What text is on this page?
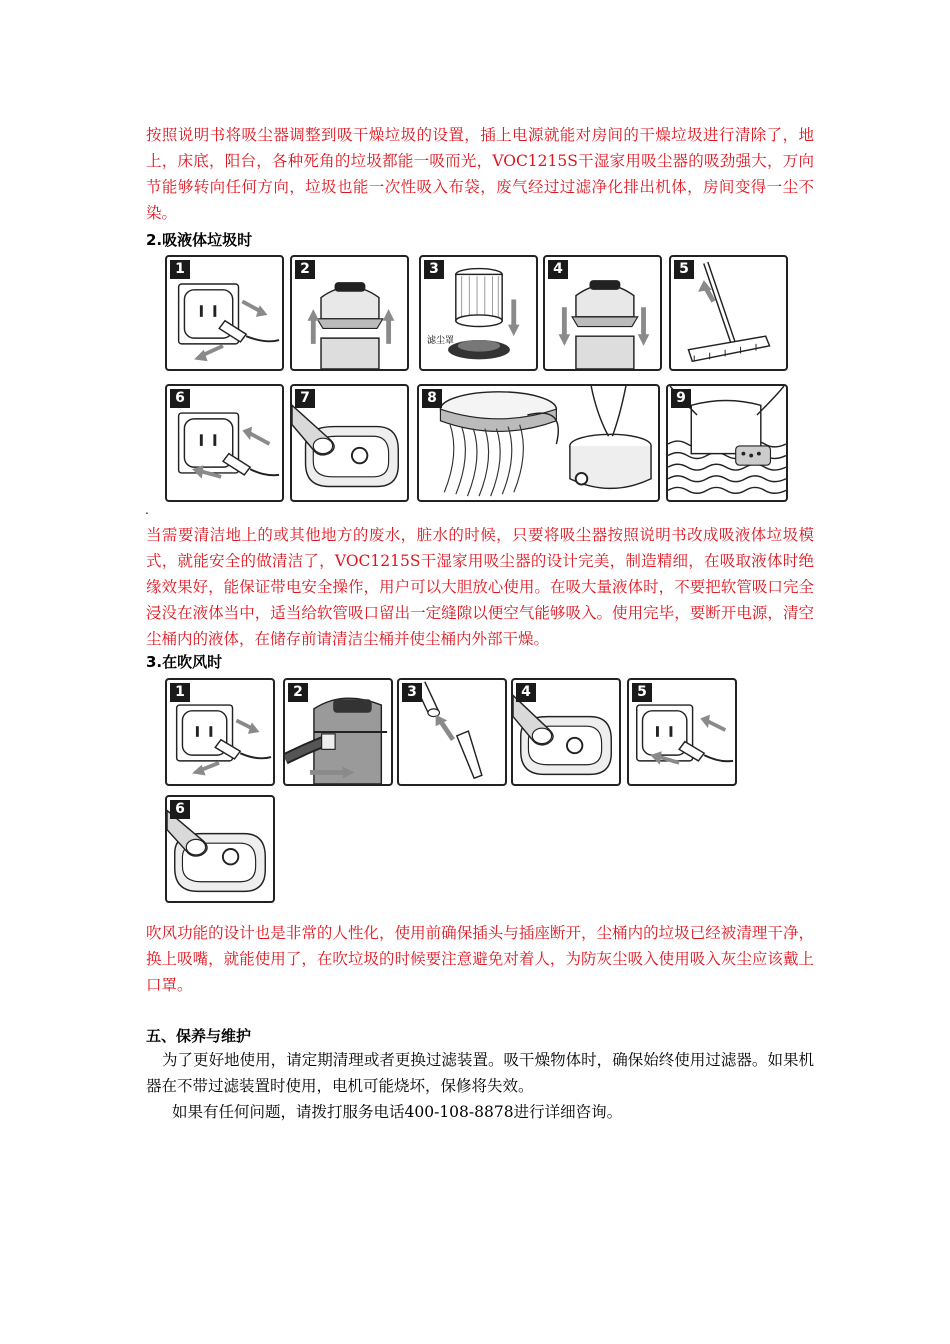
按照说明书将吸尘器调整到吸干燥垃圾的设置，插上电源就能对房间的干燥垃圾进行清除了，地上，床底，阳台，各种死角的垃圾都能一吸而光，VOC1215S干湿家用吸尘器的吸劲强大，万向节能够转向任何方向，垃圾也能一次性吸入布袋，废气经过过滤净化排出机体，房间变得一尘不染。

2.吸液体垃圾时

1	2	3
滤尘罩
4	5
6	7	8	9
.

当需要清洁地上的或其他地方的废水，脏水的时候，只要将吸尘器按照说明书改成吸液体垃圾模式，就能安全的做清洁了，VOC1215S干湿家用吸尘器的设计完美，制造精细，在吸取液体时绝缘效果好，能保证带电安全操作，用户可以大胆放心使用。在吸大量液体时，不要把软管吸口完全浸没在液体当中，适当给软管吸口留出一定缝隙以便空气能够吸入。使用完毕，要断开电源，清空尘桶内的液体，在储存前请清洁尘桶并使尘桶内外部干燥。

3.在吹风时

1	2	3	4	5
6

吹风功能的设计也是非常的人性化，使用前确保插头与插座断开，尘桶内的垃圾已经被清理干净，换上吸嘴，就能使用了，在吹垃圾的时候要注意避免对着人，为防灰尘吸入使用吸入灰尘应该戴上口罩。

五、保养与维护

为了更好地使用，请定期清理或者更换过滤装置。吸干燥物体时，确保始终使用过滤器。如果机器在不带过滤装置时使用，电机可能烧坏，保修将失效。

如果有任何问题，请拨打服务电话400-108-8878进行详细咨询。
